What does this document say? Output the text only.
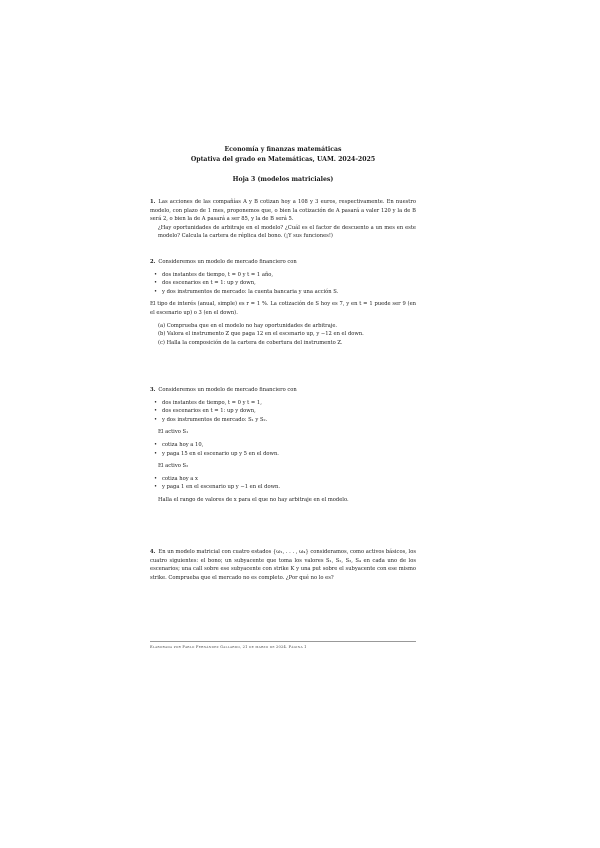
Economía y finanzas matemáticas
Optativa del grado en Matemáticas, UAM. 2024-2025
Hoja 3 (modelos matriciales)

1. Las acciones de las compañías A y B cotizan hoy a 108 y 3 euros, respectivamente. En nuestro modelo, con plazo de 1 mes, proponemos que, o bien la cotización de A pasará a valer 120 y la de B será 2, o bien la de A pasará a ser 85, y la de B será 5.

¿Hay oportunidades de arbitraje en el modelo? ¿Cuál es el factor de descuento a un mes en este modelo? Calcula la cartera de réplica del bono. (¡Y sus funciones!)

2. Consideremos un modelo de mercado financiero con

• dos instantes de tiempo, t = 0 y t = 1 año,

• dos escenarios en t = 1: up y down,

• y dos instrumentos de mercado: la cuenta bancaria y una acción S.

El tipo de interés (anual, simple) es r = 1 %. La cotización de S hoy es 7, y en t = 1 puede ser 9 (en el escenario up) o 3 (en el down).

(a) Comprueba que en el modelo no hay oportunidades de arbitraje.

(b) Valora el instrumento Z que paga 12 en el escenario up, y −12 en el down.

(c) Halla la composición de la cartera de cobertura del instrumento Z.

3. Consideremos un modelo de mercado financiero con

• dos instantes de tiempo, t = 0 y t = 1,

• dos escenarios en t = 1: up y down,

• y dos instrumentos de mercado: S₁ y S₂.

El activo S₁

• cotiza hoy a 10,

• y paga 15 en el escenario up y 5 en el down.

El activo S₂

• cotiza hoy a x

• y paga 1 en el escenario up y −1 en el down.

Halla el rango de valores de x para el que no hay arbitraje en el modelo.

4. En un modelo matricial con cuatro estados {ω₁, . . . , ω₄} consideramos, como activos básicos, los cuatro siguientes: el bono; un subyacente que toma los valores S₁, S₂, S₃, S₄ en cada uno de los escenarios; una call sobre ese subyacente con strike K y una put sobre el subyacente con ese mismo strike. Comprueba que el mercado no es completo. ¿Por qué no lo es?

Elaborada por Pablo Fernández Gallardo, 21 de marzo de 2024. Página 1
